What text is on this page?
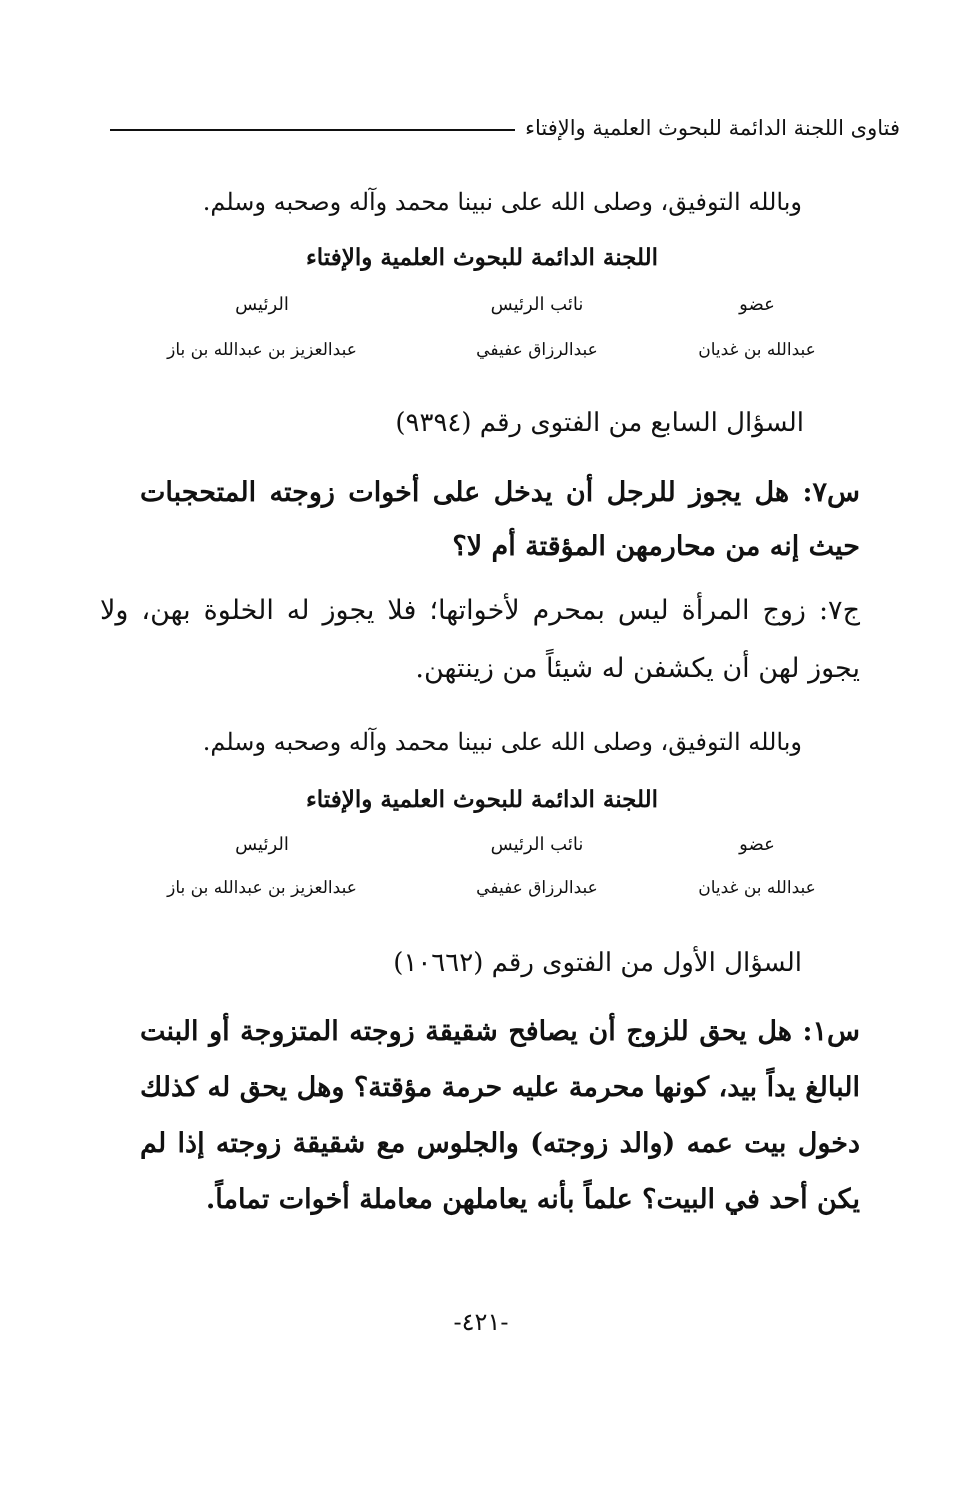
فتاوى اللجنة الدائمة للبحوث العلمية والإفتاء
وبالله التوفيق، وصلى الله على نبينا محمد وآله وصحبه وسلم.
اللجنة الدائمة للبحوث العلمية والإفتاء
عضو
نائب الرئيس
الرئيس
عبدالله بن غديان
عبدالرزاق عفيفي
عبدالعزيز بن عبدالله بن باز
السؤال السابع من الفتوى رقم (٩٣٩٤)
س٧: هل يجوز للرجل أن يدخل على أخوات زوجته المتحجبات حيث إنه من محارمهن المؤقتة أم لا؟
ج٧: زوج المرأة ليس بمحرم لأخواتها؛ فلا يجوز له الخلوة بهن، ولا يجوز لهن أن يكشفن له شيئاً من زينتهن.
وبالله التوفيق، وصلى الله على نبينا محمد وآله وصحبه وسلم.
اللجنة الدائمة للبحوث العلمية والإفتاء
عضو
نائب الرئيس
الرئيس
عبدالله بن غديان
عبدالرزاق عفيفي
عبدالعزيز بن عبدالله بن باز
السؤال الأول من الفتوى رقم (١٠٦٦٢)
س١: هل يحق للزوج أن يصافح شقيقة زوجته المتزوجة أو البنت البالغ يداً بيد، كونها محرمة عليه حرمة مؤقتة؟ وهل يحق له كذلك دخول بيت عمه (والد زوجته) والجلوس مع شقيقة زوجته إذا لم يكن أحد في البيت؟ علماً بأنه يعاملهن معاملة أخوات تماماً.
-٤٢١-
